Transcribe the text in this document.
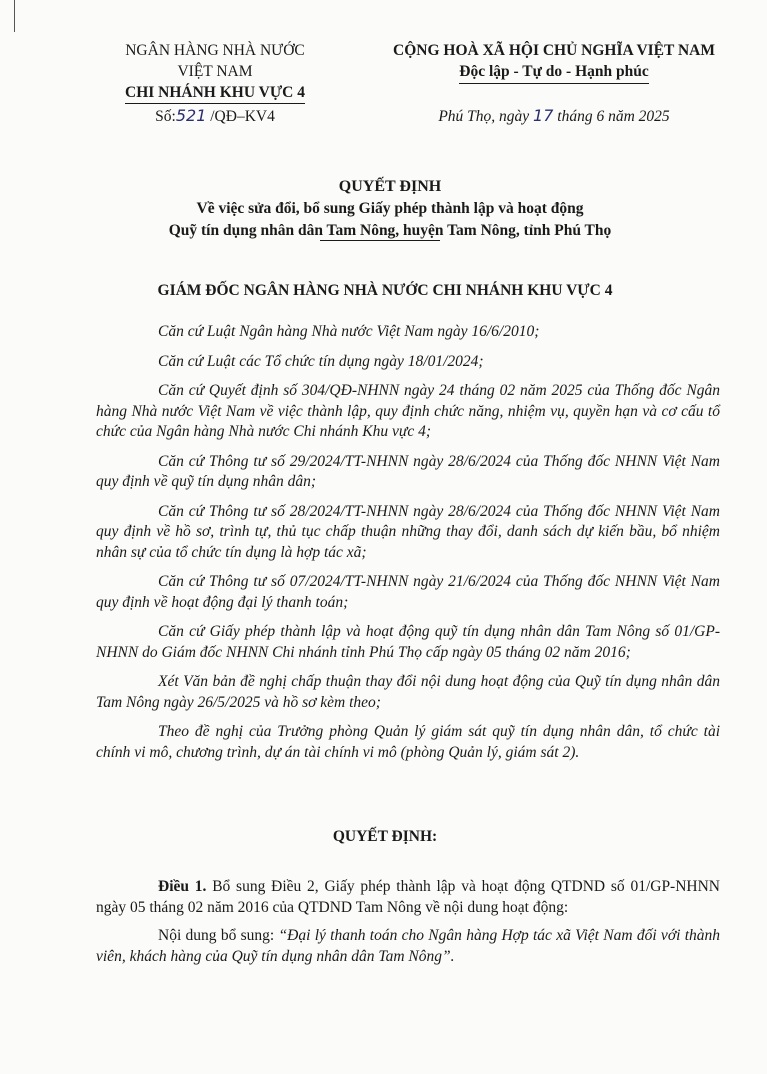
NGÂN HÀNG NHÀ NƯỚC
VIỆT NAM
CHI NHÁNH KHU VỰC 4
CỘNG HOÀ XÃ HỘI CHỦ NGHĨA VIỆT NAM
Độc lập - Tự do - Hạnh phúc
Số:521 /QĐ–KV4	Phú Thọ, ngày 17 tháng 6 năm 2025
QUYẾT ĐỊNH
Về việc sửa đổi, bổ sung Giấy phép thành lập và hoạt động
Quỹ tín dụng nhân dân Tam Nông, huyện Tam Nông, tỉnh Phú Thọ
GIÁM ĐỐC NGÂN HÀNG NHÀ NƯỚC CHI NHÁNH KHU VỰC 4

Căn cứ Luật Ngân hàng Nhà nước Việt Nam ngày 16/6/2010;

Căn cứ Luật các Tổ chức tín dụng ngày 18/01/2024;

Căn cứ Quyết định số 304/QĐ-NHNN ngày 24 tháng 02 năm 2025 của Thống đốc Ngân hàng Nhà nước Việt Nam về việc thành lập, quy định chức năng, nhiệm vụ, quyền hạn và cơ cấu tổ chức của Ngân hàng Nhà nước Chi nhánh Khu vực 4;

Căn cứ Thông tư số 29/2024/TT-NHNN ngày 28/6/2024 của Thống đốc NHNN Việt Nam quy định về quỹ tín dụng nhân dân;

Căn cứ Thông tư số 28/2024/TT-NHNN ngày 28/6/2024 của Thống đốc NHNN Việt Nam quy định về hồ sơ, trình tự, thủ tục chấp thuận những thay đổi, danh sách dự kiến bầu, bổ nhiệm nhân sự của tổ chức tín dụng là hợp tác xã;

Căn cứ Thông tư số 07/2024/TT-NHNN ngày 21/6/2024 của Thống đốc NHNN Việt Nam quy định về hoạt động đại lý thanh toán;

Căn cứ Giấy phép thành lập và hoạt động quỹ tín dụng nhân dân Tam Nông số 01/GP-NHNN do Giám đốc NHNN Chi nhánh tỉnh Phú Thọ cấp ngày 05 tháng 02 năm 2016;

Xét Văn bản đề nghị chấp thuận thay đổi nội dung hoạt động của Quỹ tín dụng nhân dân Tam Nông ngày 26/5/2025 và hồ sơ kèm theo;

Theo đề nghị của Trưởng phòng Quản lý giám sát quỹ tín dụng nhân dân, tổ chức tài chính vi mô, chương trình, dự án tài chính vi mô (phòng Quản lý, giám sát 2).

QUYẾT ĐỊNH:

Điều 1. Bổ sung Điều 2, Giấy phép thành lập và hoạt động QTDND số 01/GP-NHNN ngày 05 tháng 02 năm 2016 của QTDND Tam Nông về nội dung hoạt động:

Nội dung bổ sung: “Đại lý thanh toán cho Ngân hàng Hợp tác xã Việt Nam đối với thành viên, khách hàng của Quỹ tín dụng nhân dân Tam Nông”.
